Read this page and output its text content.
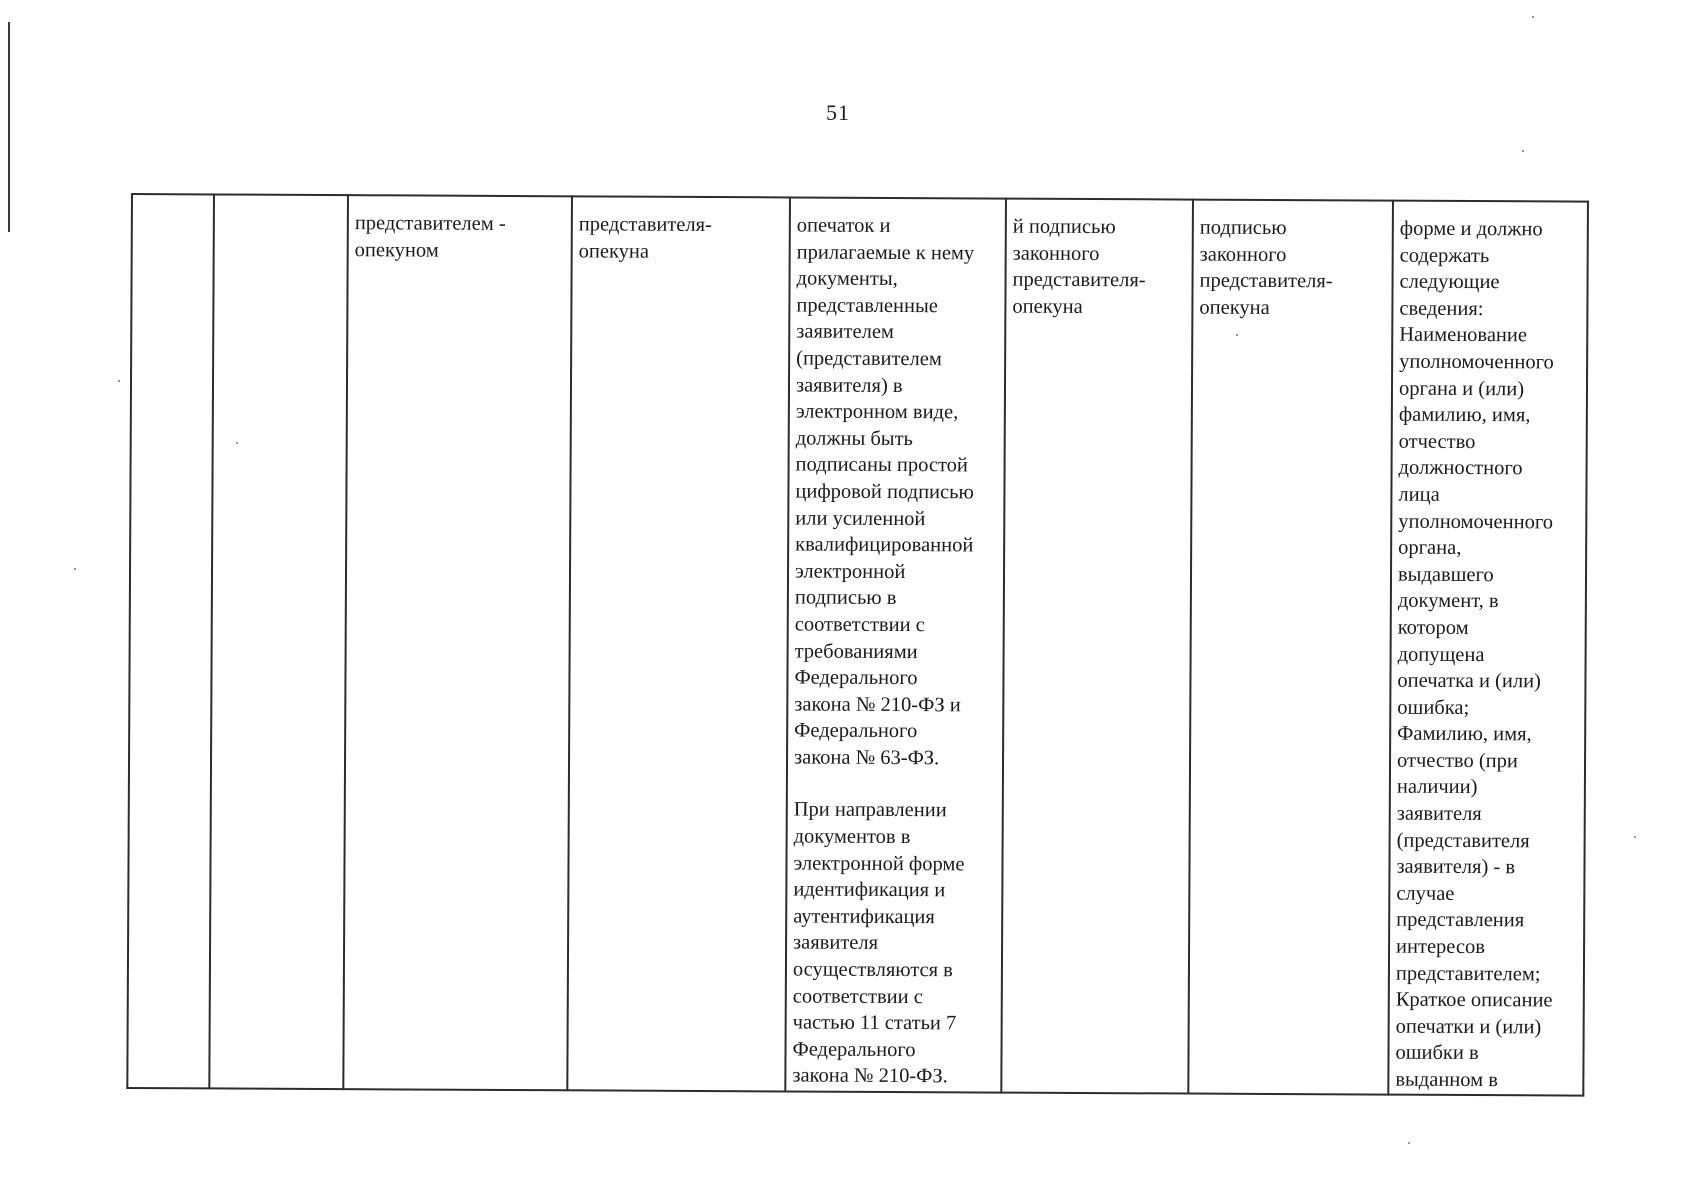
51

представителем -
опекуном

представителя-
опекуна

опечаток и
прилагаемые к нему
документы,
представленные
заявителем
(представителем
заявителя) в
электронном виде,
должны быть
подписаны простой
цифровой подписью
или усиленной
квалифицированной
электронной
подписью в
соответствии с
требованиями
Федерального
закона № 210-ФЗ и
Федерального
закона № 63-ФЗ.
При направлении
документов в
электронной форме
идентификация и
аутентификация
заявителя
осуществляются в
соответствии с
частью 11 статьи 7
Федерального
закона № 210-ФЗ.

й подписью
законного
представителя-
опекуна

подписью
законного
представителя-
опекуна

форме и должно
содержать
следующие
сведения:
Наименование
уполномоченного
органа и (или)
фамилию, имя,
отчество
должностного
лица
уполномоченного
органа,
выдавшего
документ, в
котором
допущена
опечатка и (или)
ошибка;
Фамилию, имя,
отчество (при
наличии)
заявителя
(представителя
заявителя) - в
случае
представления
интересов
представителем;
Краткое описание
опечатки и (или)
ошибки в
выданном в
